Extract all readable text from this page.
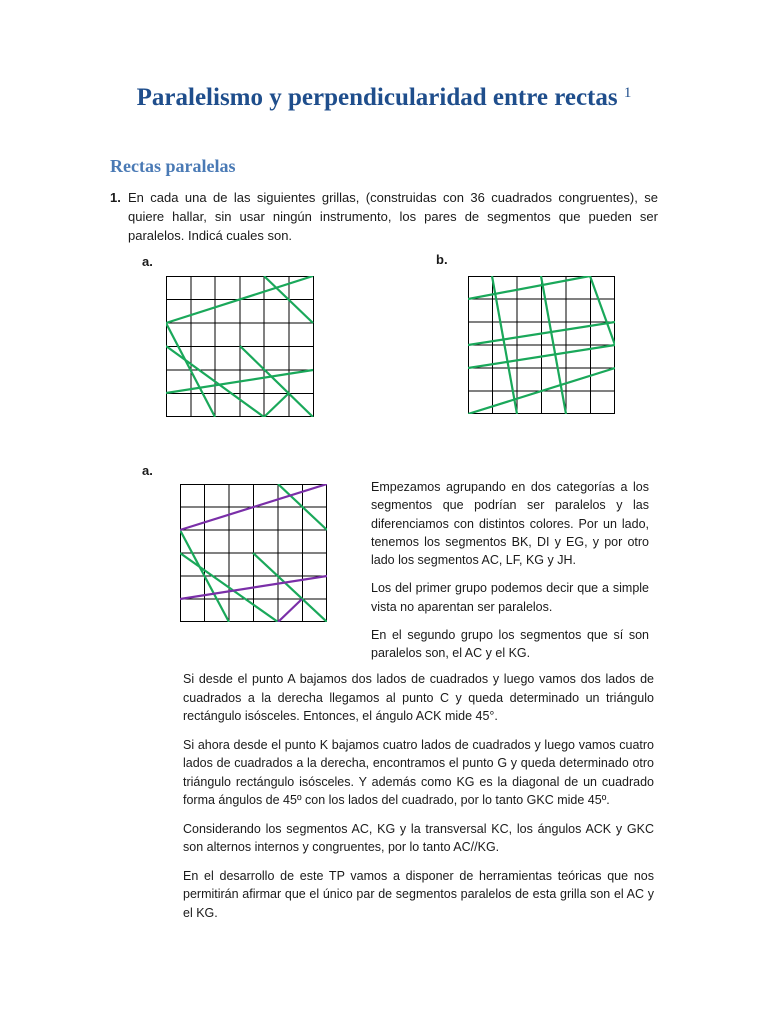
Paralelismo y perpendicularidad entre rectas $^1$
Rectas paralelas
1. En cada una de las siguientes grillas, (construidas con 36 cuadrados congruentes), se quiere hallar, sin usar ningún instrumento, los pares de segmentos que pueden ser paralelos. Indicá cuales son.

a.	b.
a.

Empezamos agrupando en dos categorías a los segmentos que podrían ser paralelos y las diferenciamos con distintos colores. Por un lado, tenemos los segmentos BK, DI y EG, y por otro lado los segmentos AC, LF, KG y JH.

Los del primer grupo podemos decir que a simple vista no aparentan ser paralelos.

En el segundo grupo los segmentos que sí son paralelos son, el AC y el KG.

Si desde el punto A bajamos dos lados de cuadrados y luego vamos dos lados de cuadrados a la derecha llegamos al punto C y queda determinado un triángulo rectángulo isósceles. Entonces, el ángulo ACK mide 45°.

Si ahora desde el punto K bajamos cuatro lados de cuadrados y luego vamos cuatro lados de cuadrados a la derecha, encontramos el punto G y queda determinado otro triángulo rectángulo isósceles. Y además como KG es la diagonal de un cuadrado forma ángulos de 45º con los lados del cuadrado, por lo tanto GKC mide 45º.

Considerando los segmentos AC, KG y la transversal KC, los ángulos ACK y GKC son alternos internos y congruentes, por lo tanto AC//KG.

En el desarrollo de este TP vamos a disponer de herramientas teóricas que nos permitirán afirmar que el único par de segmentos paralelos de esta grilla son el AC y el KG.
